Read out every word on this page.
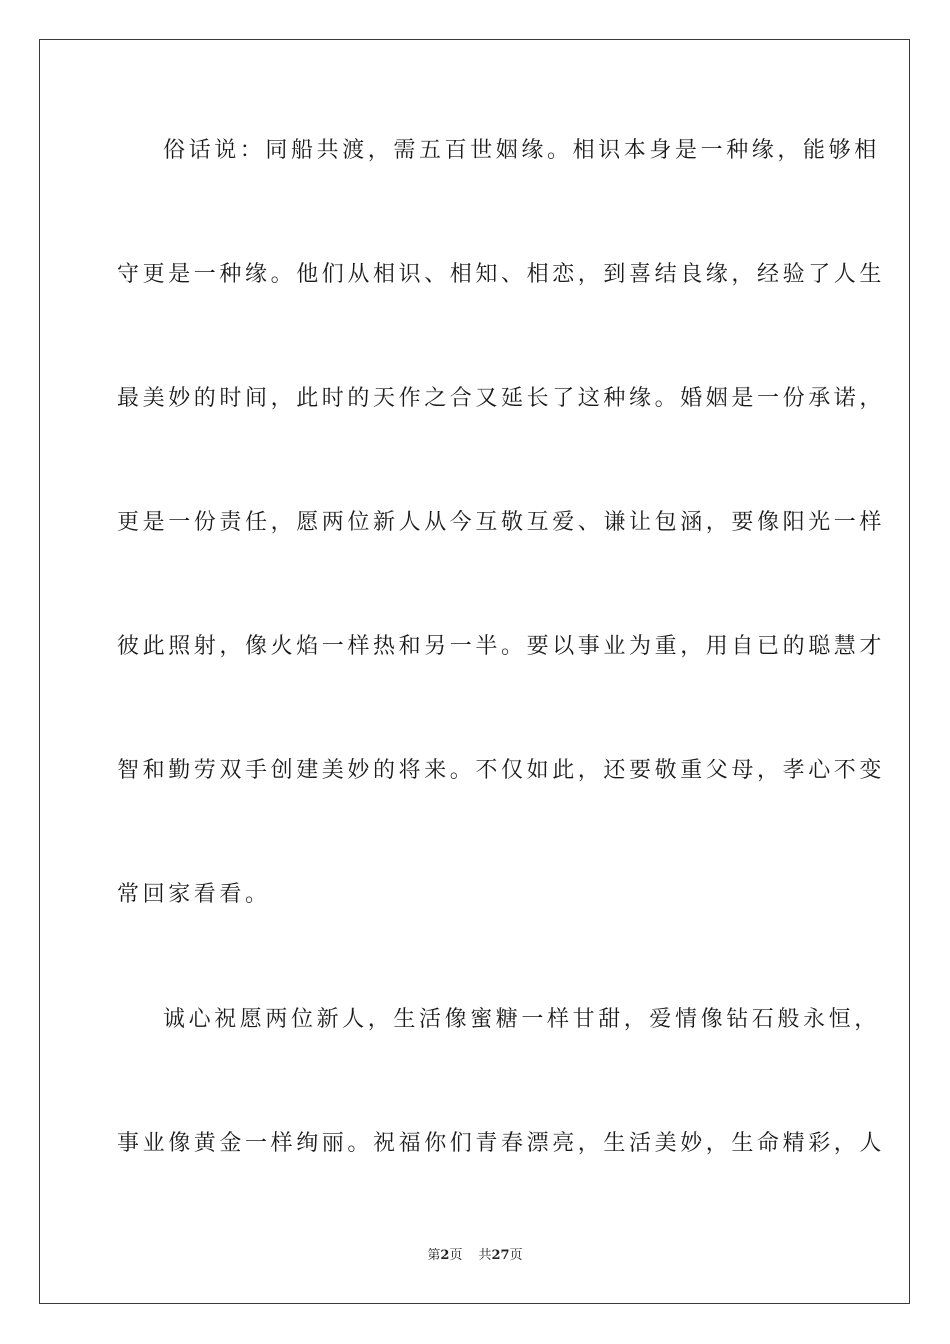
俗话说：同船共渡，需五百世姻缘。相识本身是一种缘，能够相
守更是一种缘。他们从相识、相知、相恋，到喜结良缘，经验了人生
最美妙的时间，此时的天作之合又延长了这种缘。婚姻是一份承诺，
更是一份责任，愿两位新人从今互敬互爱、谦让包涵，要像阳光一样
彼此照射，像火焰一样热和另一半。要以事业为重，用自已的聪慧才
智和勤劳双手创建美妙的将来。不仅如此，还要敬重父母，孝心不变
常回家看看。
诚心祝愿两位新人，生活像蜜糖一样甘甜，爱情像钻石般永恒，
事业像黄金一样绚丽。祝福你们青春漂亮，生活美妙，生命精彩，人
第2页 共27页
